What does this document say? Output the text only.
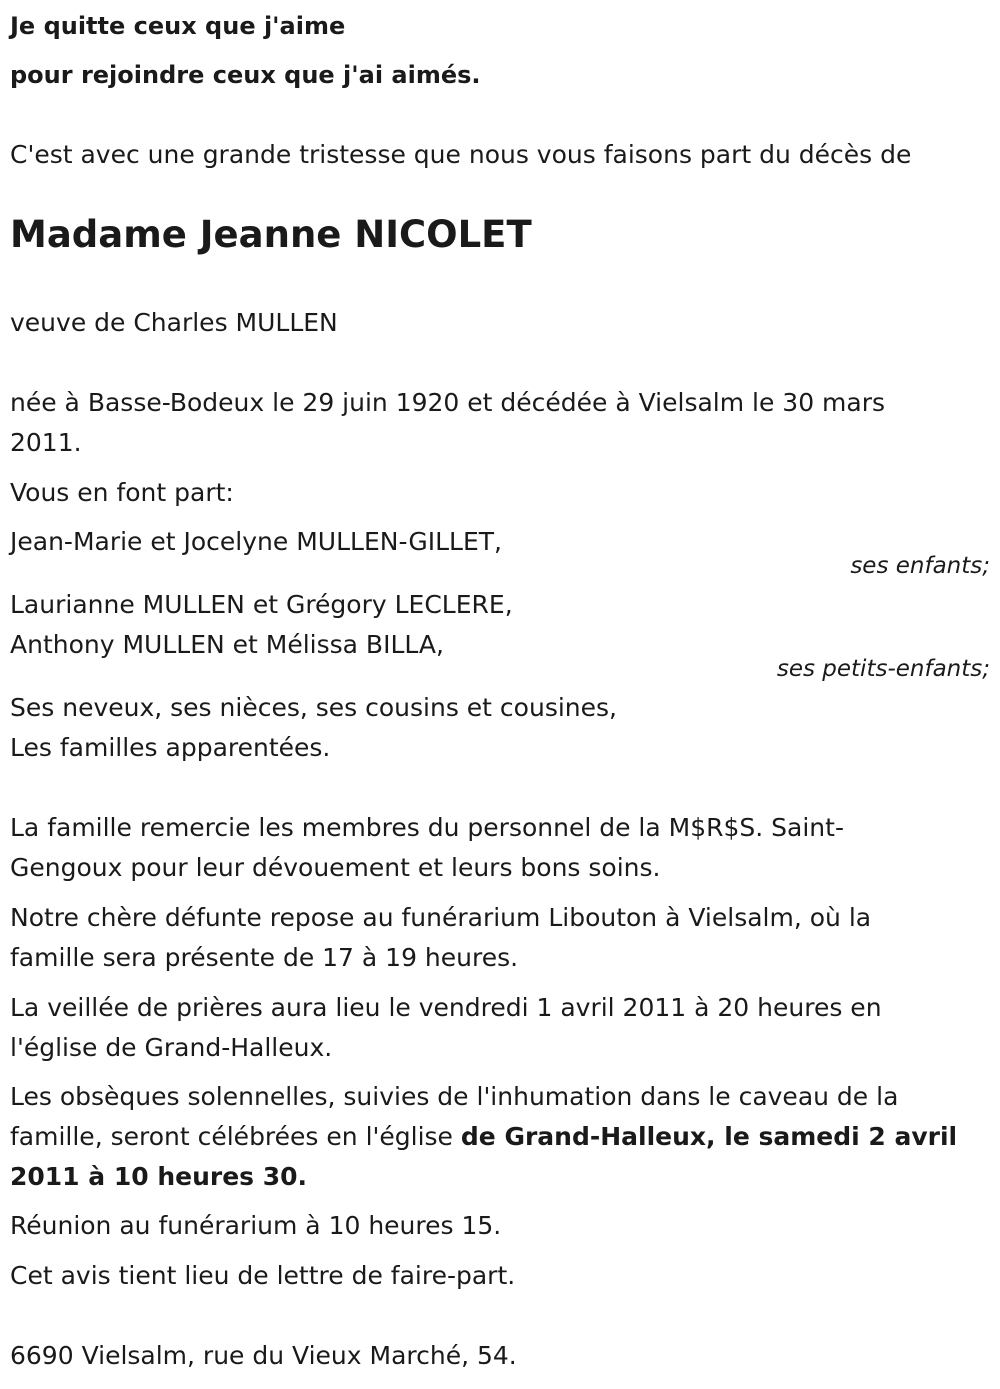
Je quitte ceux que j'aime

pour rejoindre ceux que j'ai aimés.

C'est avec une grande tristesse que nous vous faisons part du décès de

Madame Jeanne NICOLET

veuve de Charles MULLEN

née à Basse-Bodeux le 29 juin 1920 et décédée à Vielsalm le 30 mars

2011.

Vous en font part:

Jean-Marie et Jocelyne MULLEN-GILLET,

ses enfants;

Laurianne MULLEN et Grégory LECLERE,

Anthony MULLEN et Mélissa BILLA,

ses petits-enfants;

Ses neveux, ses nièces, ses cousins et cousines,

Les familles apparentées.

La famille remercie les membres du personnel de la M$R$S. Saint-

Gengoux pour leur dévouement et leurs bons soins.

Notre chère défunte repose au funérarium Libouton à Vielsalm, où la

famille sera présente de 17 à 19 heures.

La veillée de prières aura lieu le vendredi 1 avril 2011 à 20 heures en

l'église de Grand-Halleux.

Les obsèques solennelles, suivies de l'inhumation dans le caveau de la

famille, seront célébrées en l'église de Grand-Halleux, le samedi 2 avril

2011 à 10 heures 30.

Réunion au funérarium à 10 heures 15.

Cet avis tient lieu de lettre de faire-part.

6690 Vielsalm, rue du Vieux Marché, 54.
